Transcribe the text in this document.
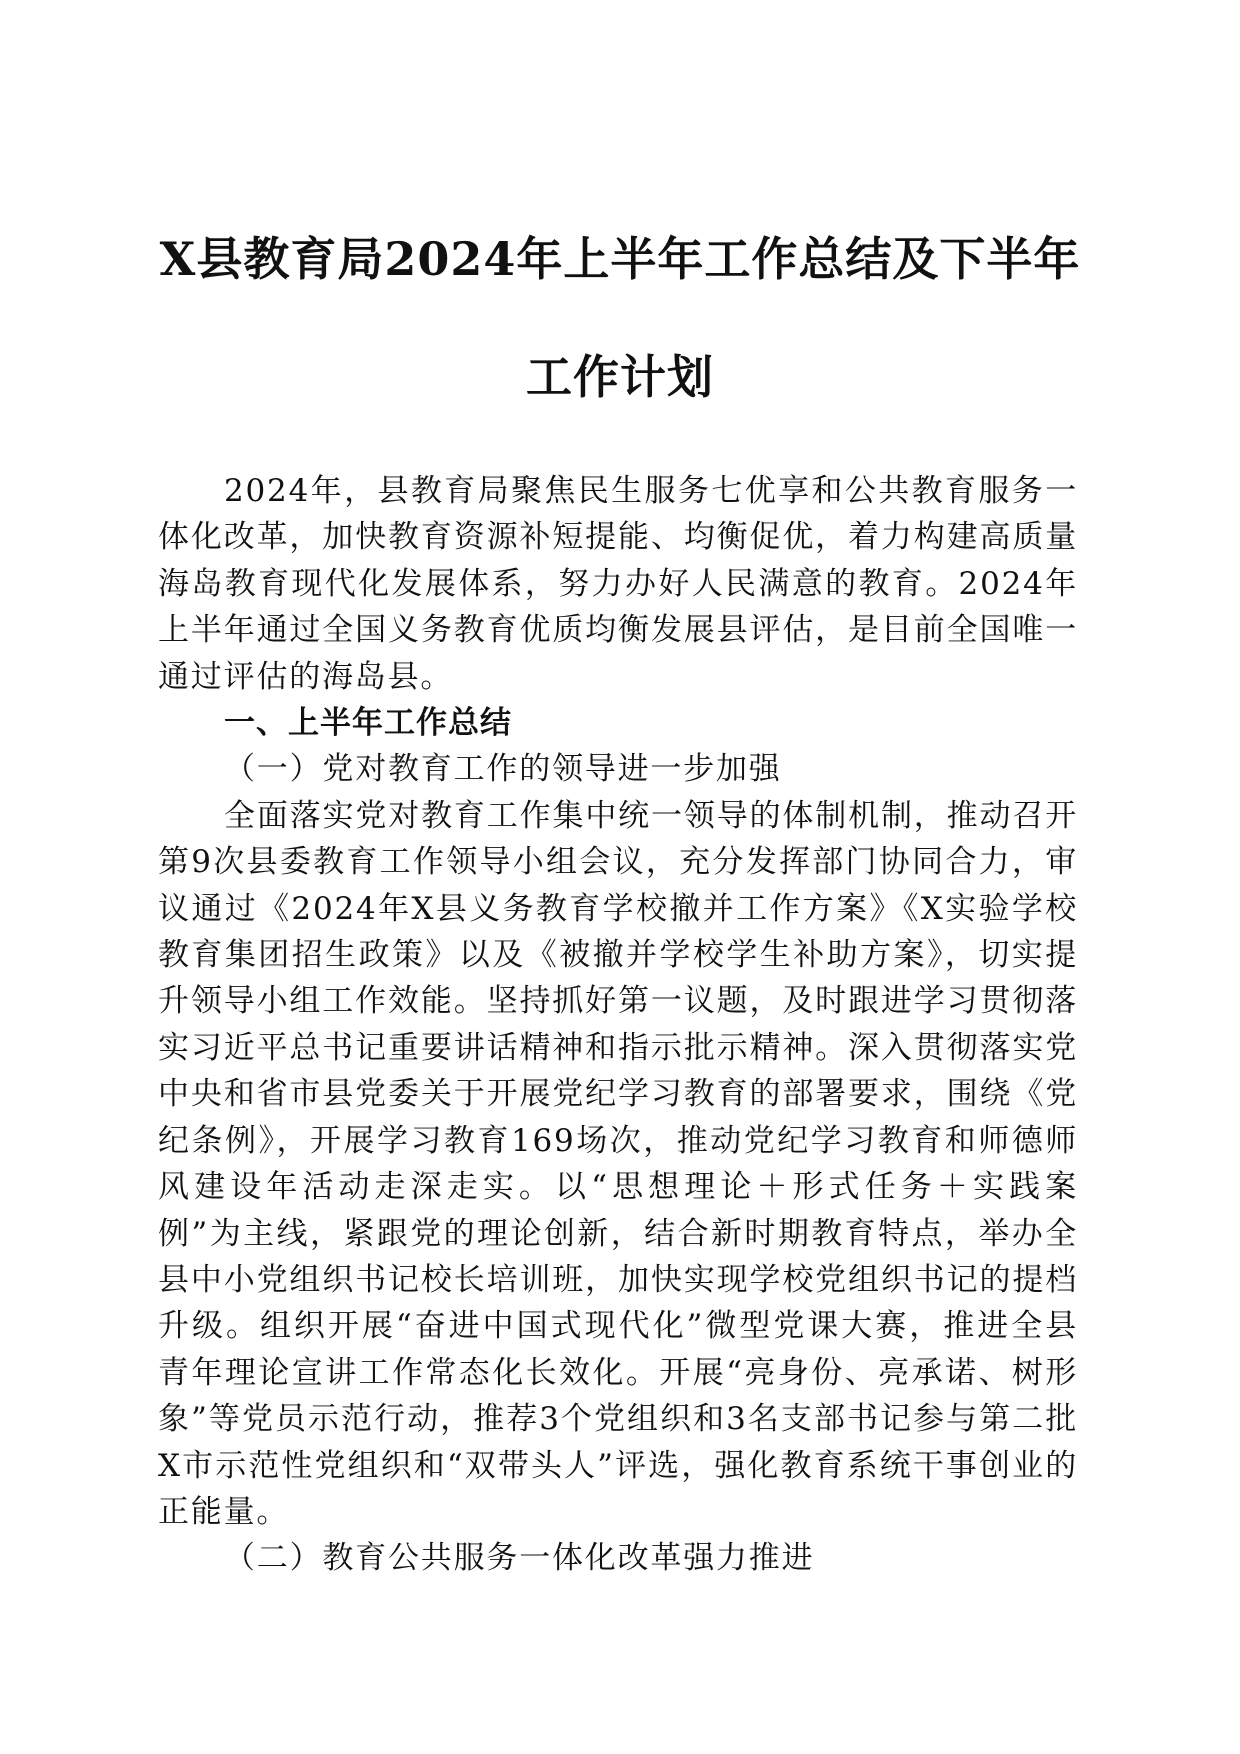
X县教育局2024年上半年工作总结及下半年
工作计划

2024年，县教育局聚焦民生服务七优享和公共教育服务一体化改革，加快教育资源补短提能、均衡促优，着力构建高质量海岛教育现代化发展体系，努力办好人民满意的教育。2024年上半年通过全国义务教育优质均衡发展县评估，是目前全国唯一通过评估的海岛县。

一、上半年工作总结

（一）党对教育工作的领导进一步加强

全面落实党对教育工作集中统一领导的体制机制，推动召开第9次县委教育工作领导小组会议，充分发挥部门协同合力，审议通过《2024年X县义务教育学校撤并工作方案》《X实验学校教育集团招生政策》以及《被撤并学校学生补助方案》，切实提升领导小组工作效能。坚持抓好第一议题，及时跟进学习贯彻落实习近平总书记重要讲话精神和指示批示精神。深入贯彻落实党中央和省市县党委关于开展党纪学习教育的部署要求，围绕《党纪条例》，开展学习教育169场次，推动党纪学习教育和师德师风建设年活动走深走实。以“思想理论＋形式任务＋实践案例”为主线，紧跟党的理论创新，结合新时期教育特点，举办全县中小党组织书记校长培训班，加快实现学校党组织书记的提档升级。组织开展“奋进中国式现代化”微型党课大赛，推进全县青年理论宣讲工作常态化长效化。开展“亮身份、亮承诺、树形象”等党员示范行动，推荐3个党组织和3名支部书记参与第二批X市示范性党组织和“双带头人”评选，强化教育系统干事创业的正能量。

（二）教育公共服务一体化改革强力推进
